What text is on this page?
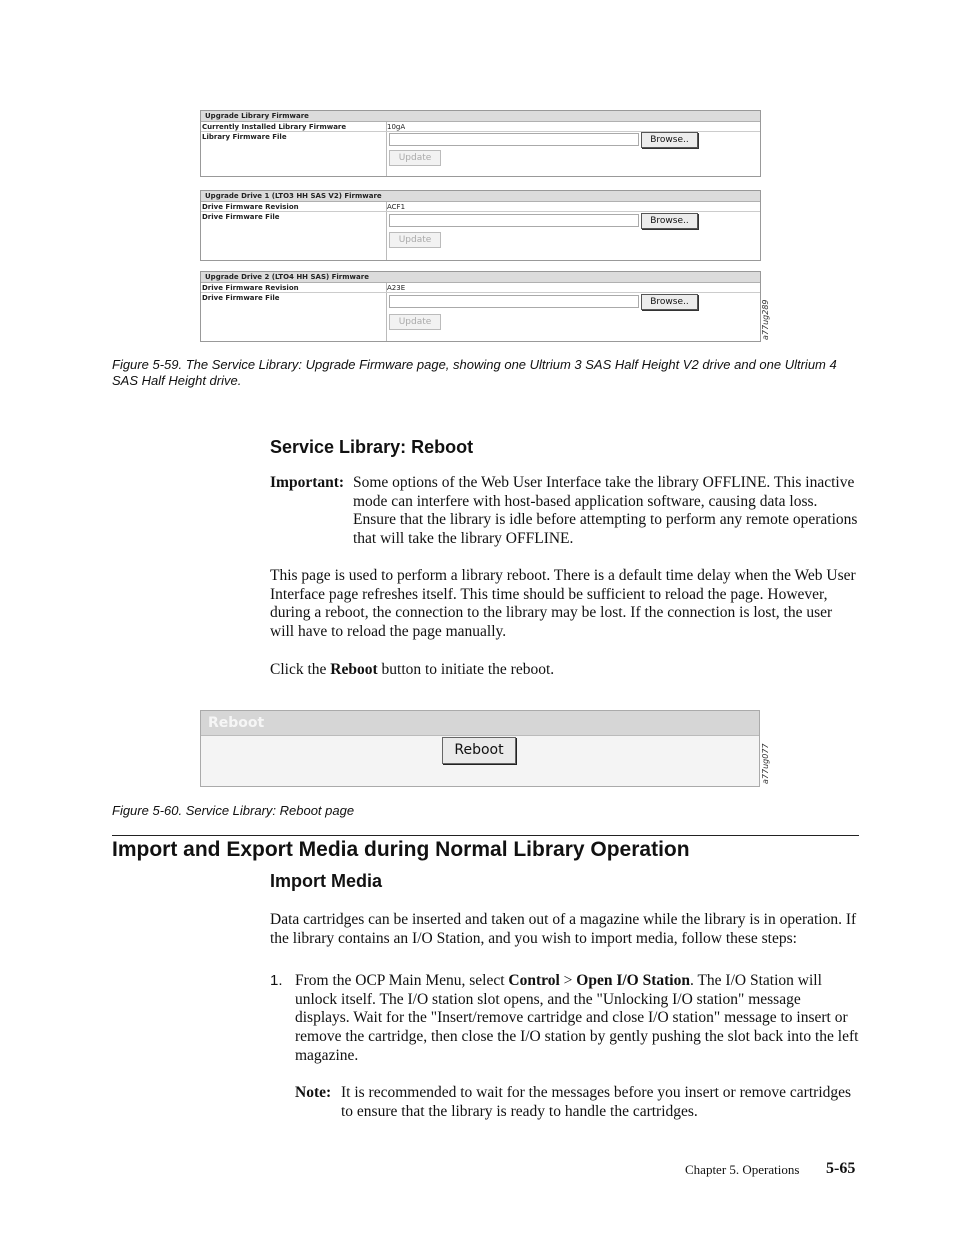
Upgrade Library Firmware
Currently Installed Library Firmware	10gA
Library Firmware File	Browse..
Update
Upgrade Drive 1 (LTO3 HH SAS V2) Firmware
Drive Firmware Revision	ACF1
Drive Firmware File	Browse..
Update
Upgrade Drive 2 (LTO4 HH SAS) Firmware
Drive Firmware Revision	A23E
Drive Firmware File	Browse..
Update	a77ug289
Figure 5-59. The Service Library: Upgrade Firmware page, showing one Ultrium 3 SAS Half Height V2 drive and one Ultrium 4 SAS Half Height drive.
Service Library: Reboot
Important: Some options of the Web User Interface take the library OFFLINE. This inactive mode can interfere with host-based application software, causing data loss. Ensure that the library is idle before attempting to perform any remote operations that will take the library OFFLINE.
This page is used to perform a library reboot. There is a default time delay when the Web User Interface page refreshes itself. This time should be sufficient to reload the page. However, during a reboot, the connection to the library may be lost. If the connection is lost, the user will have to reload the page manually.
Click the Reboot button to initiate the reboot.
Reboot
Reboot	a77ug077
Figure 5-60. Service Library: Reboot page
Import and Export Media during Normal Library Operation
Import Media
Data cartridges can be inserted and taken out of a magazine while the library is in operation. If the library contains an I/O Station, and you wish to import media, follow these steps:
1. From the OCP Main Menu, select Control > Open I/O Station. The I/O Station will unlock itself. The I/O station slot opens, and the "Unlocking I/O station" message displays. Wait for the "Insert/remove cartridge and close I/O station" message to insert or remove the cartridge, then close the I/O station by gently pushing the slot back into the left magazine.
Note: It is recommended to wait for the messages before you insert or remove cartridges to ensure that the library is ready to handle the cartridges.
Chapter 5. Operations 5-65
